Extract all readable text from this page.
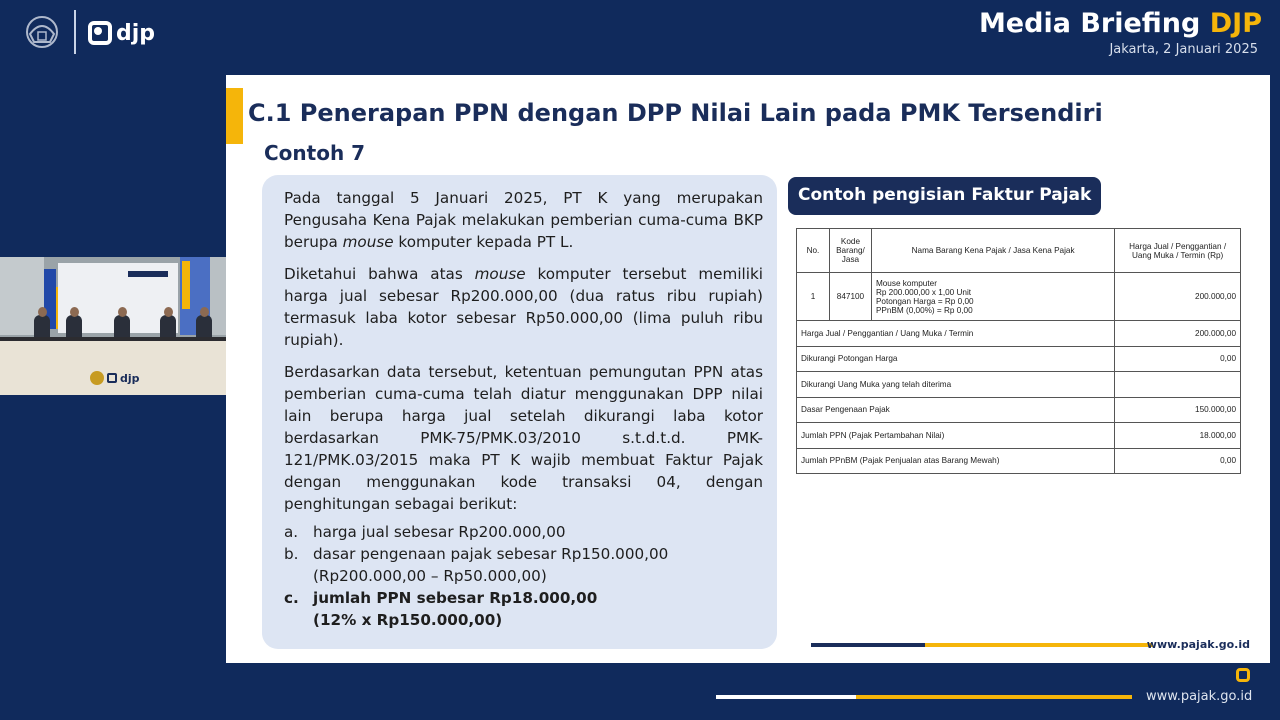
djp	Media Briefing DJP
Jakarta, 2 Januari 2025
djp
C.1 Penerapan PPN dengan DPP Nilai Lain pada PMK Tersendiri
Contoh 7

Pada tanggal 5 Januari 2025, PT K yang merupakan Pengusaha Kena Pajak melakukan pemberian cuma-cuma BKP berupa mouse komputer kepada PT L.

Diketahui bahwa atas mouse komputer tersebut memiliki harga jual sebesar Rp200.000,00 (dua ratus ribu rupiah) termasuk laba kotor sebesar Rp50.000,00 (lima puluh ribu rupiah).

Berdasarkan data tersebut, ketentuan pemungutan PPN atas pemberian cuma-cuma telah diatur menggunakan DPP nilai lain berupa harga jual setelah dikurangi laba kotor berdasarkan PMK-75/PMK.03/2010 s.t.d.t.d. PMK-121/PMK.03/2015 maka PT K wajib membuat Faktur Pajak dengan menggunakan kode transaksi 04, dengan penghitungan sebagai berikut:

a. harga jual sebesar Rp200.000,00
b. dasar pengenaan pajak sebesar Rp150.000,00
(Rp200.000,00 – Rp50.000,00)
c. jumlah PPN sebesar Rp18.000,00
(12% x Rp150.000,00)
Contoh pengisian Faktur Pajak
No.	Kode Barang/ Jasa	Nama Barang Kena Pajak / Jasa Kena Pajak	Harga Jual / Penggantian / Uang Muka / Termin (Rp)
1	847100	Mouse komputer
Rp 200.000,00 x 1,00 Unit
Potongan Harga = Rp 0,00
PPnBM (0,00%) = Rp 0,00	200.000,00
Harga Jual / Penggantian / Uang Muka / Termin			200.000,00
Dikurangi Potongan Harga			0,00
Dikurangi Uang Muka yang telah diterima			
Dasar Pengenaan Pajak			150.000,00
Jumlah PPN (Pajak Pertambahan Nilai)			18.000,00
Jumlah PPnBM (Pajak Penjualan atas Barang Mewah)			0,00
www.pajak.go.id
www.pajak.go.id
